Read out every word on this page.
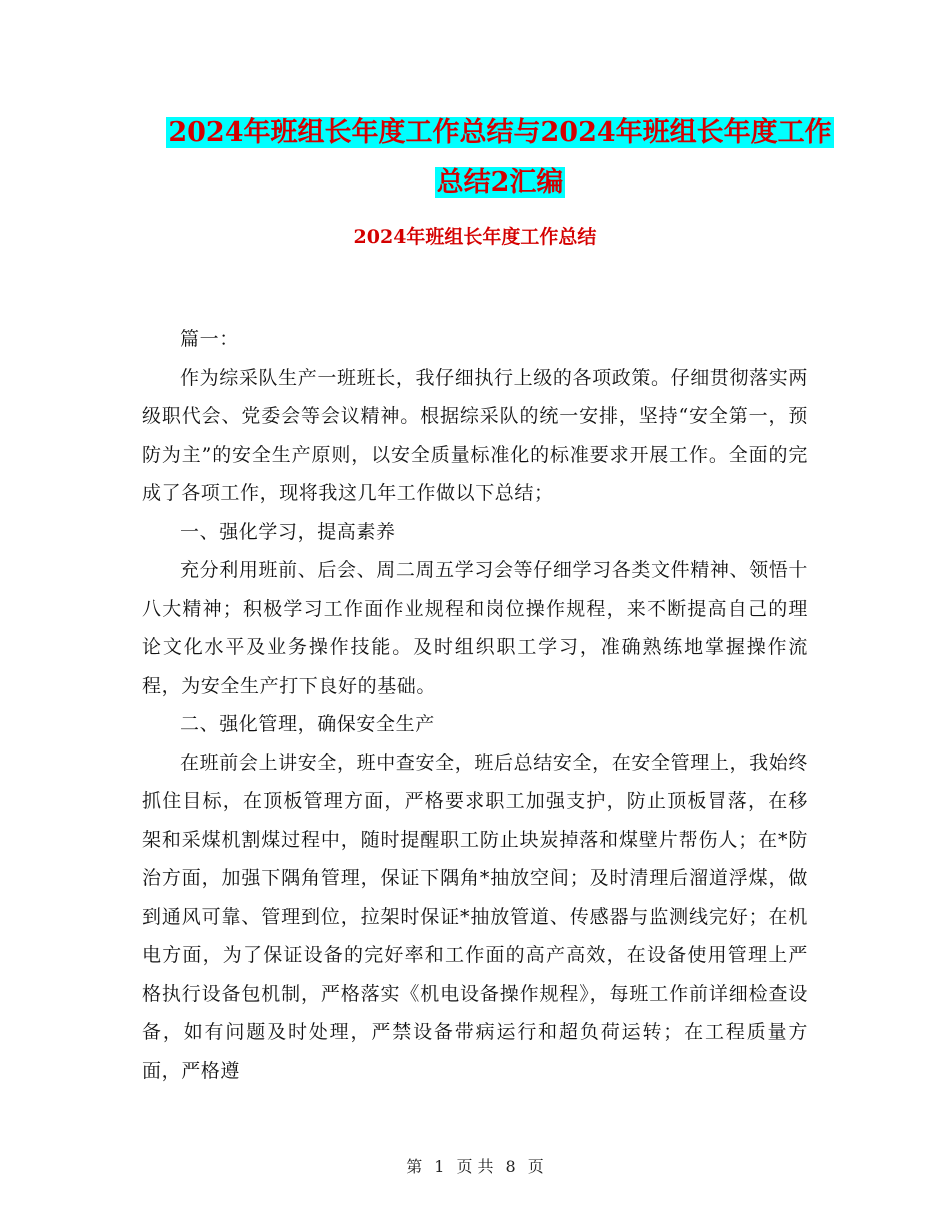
2024年班组长年度工作总结与2024年班组长年度工作
总结2汇编
2024年班组长年度工作总结

篇一：

作为综采队生产一班班长，我仔细执行上级的各项政策。仔细贯彻落实两级职代会、党委会等会议精神。根据综采队的统一安排，坚持“安全第一，预防为主”的安全生产原则，以安全质量标准化的标准要求开展工作。全面的完成了各项工作，现将我这几年工作做以下总结；

一、强化学习，提高素养

充分利用班前、后会、周二周五学习会等仔细学习各类文件精神、领悟十八大精神；积极学习工作面作业规程和岗位操作规程，来不断提高自己的理论文化水平及业务操作技能。及时组织职工学习，准确熟练地掌握操作流程，为安全生产打下良好的基础。

二、强化管理，确保安全生产

在班前会上讲安全，班中查安全，班后总结安全，在安全管理上，我始终抓住目标，在顶板管理方面，严格要求职工加强支护，防止顶板冒落，在移架和采煤机割煤过程中，随时提醒职工防止块炭掉落和煤壁片帮伤人；在*防治方面，加强下隅角管理，保证下隅角*抽放空间；及时清理后溜道浮煤，做到通风可靠、管理到位，拉架时保证*抽放管道、传感器与监测线完好；在机电方面，为了保证设备的完好率和工作面的高产高效，在设备使用管理上严格执行设备包机制，严格落实《机电设备操作规程》，每班工作前详细检查设备，如有问题及时处理，严禁设备带病运行和超负荷运转；在工程质量方面，严格遵

第 1 页 共 8 页
